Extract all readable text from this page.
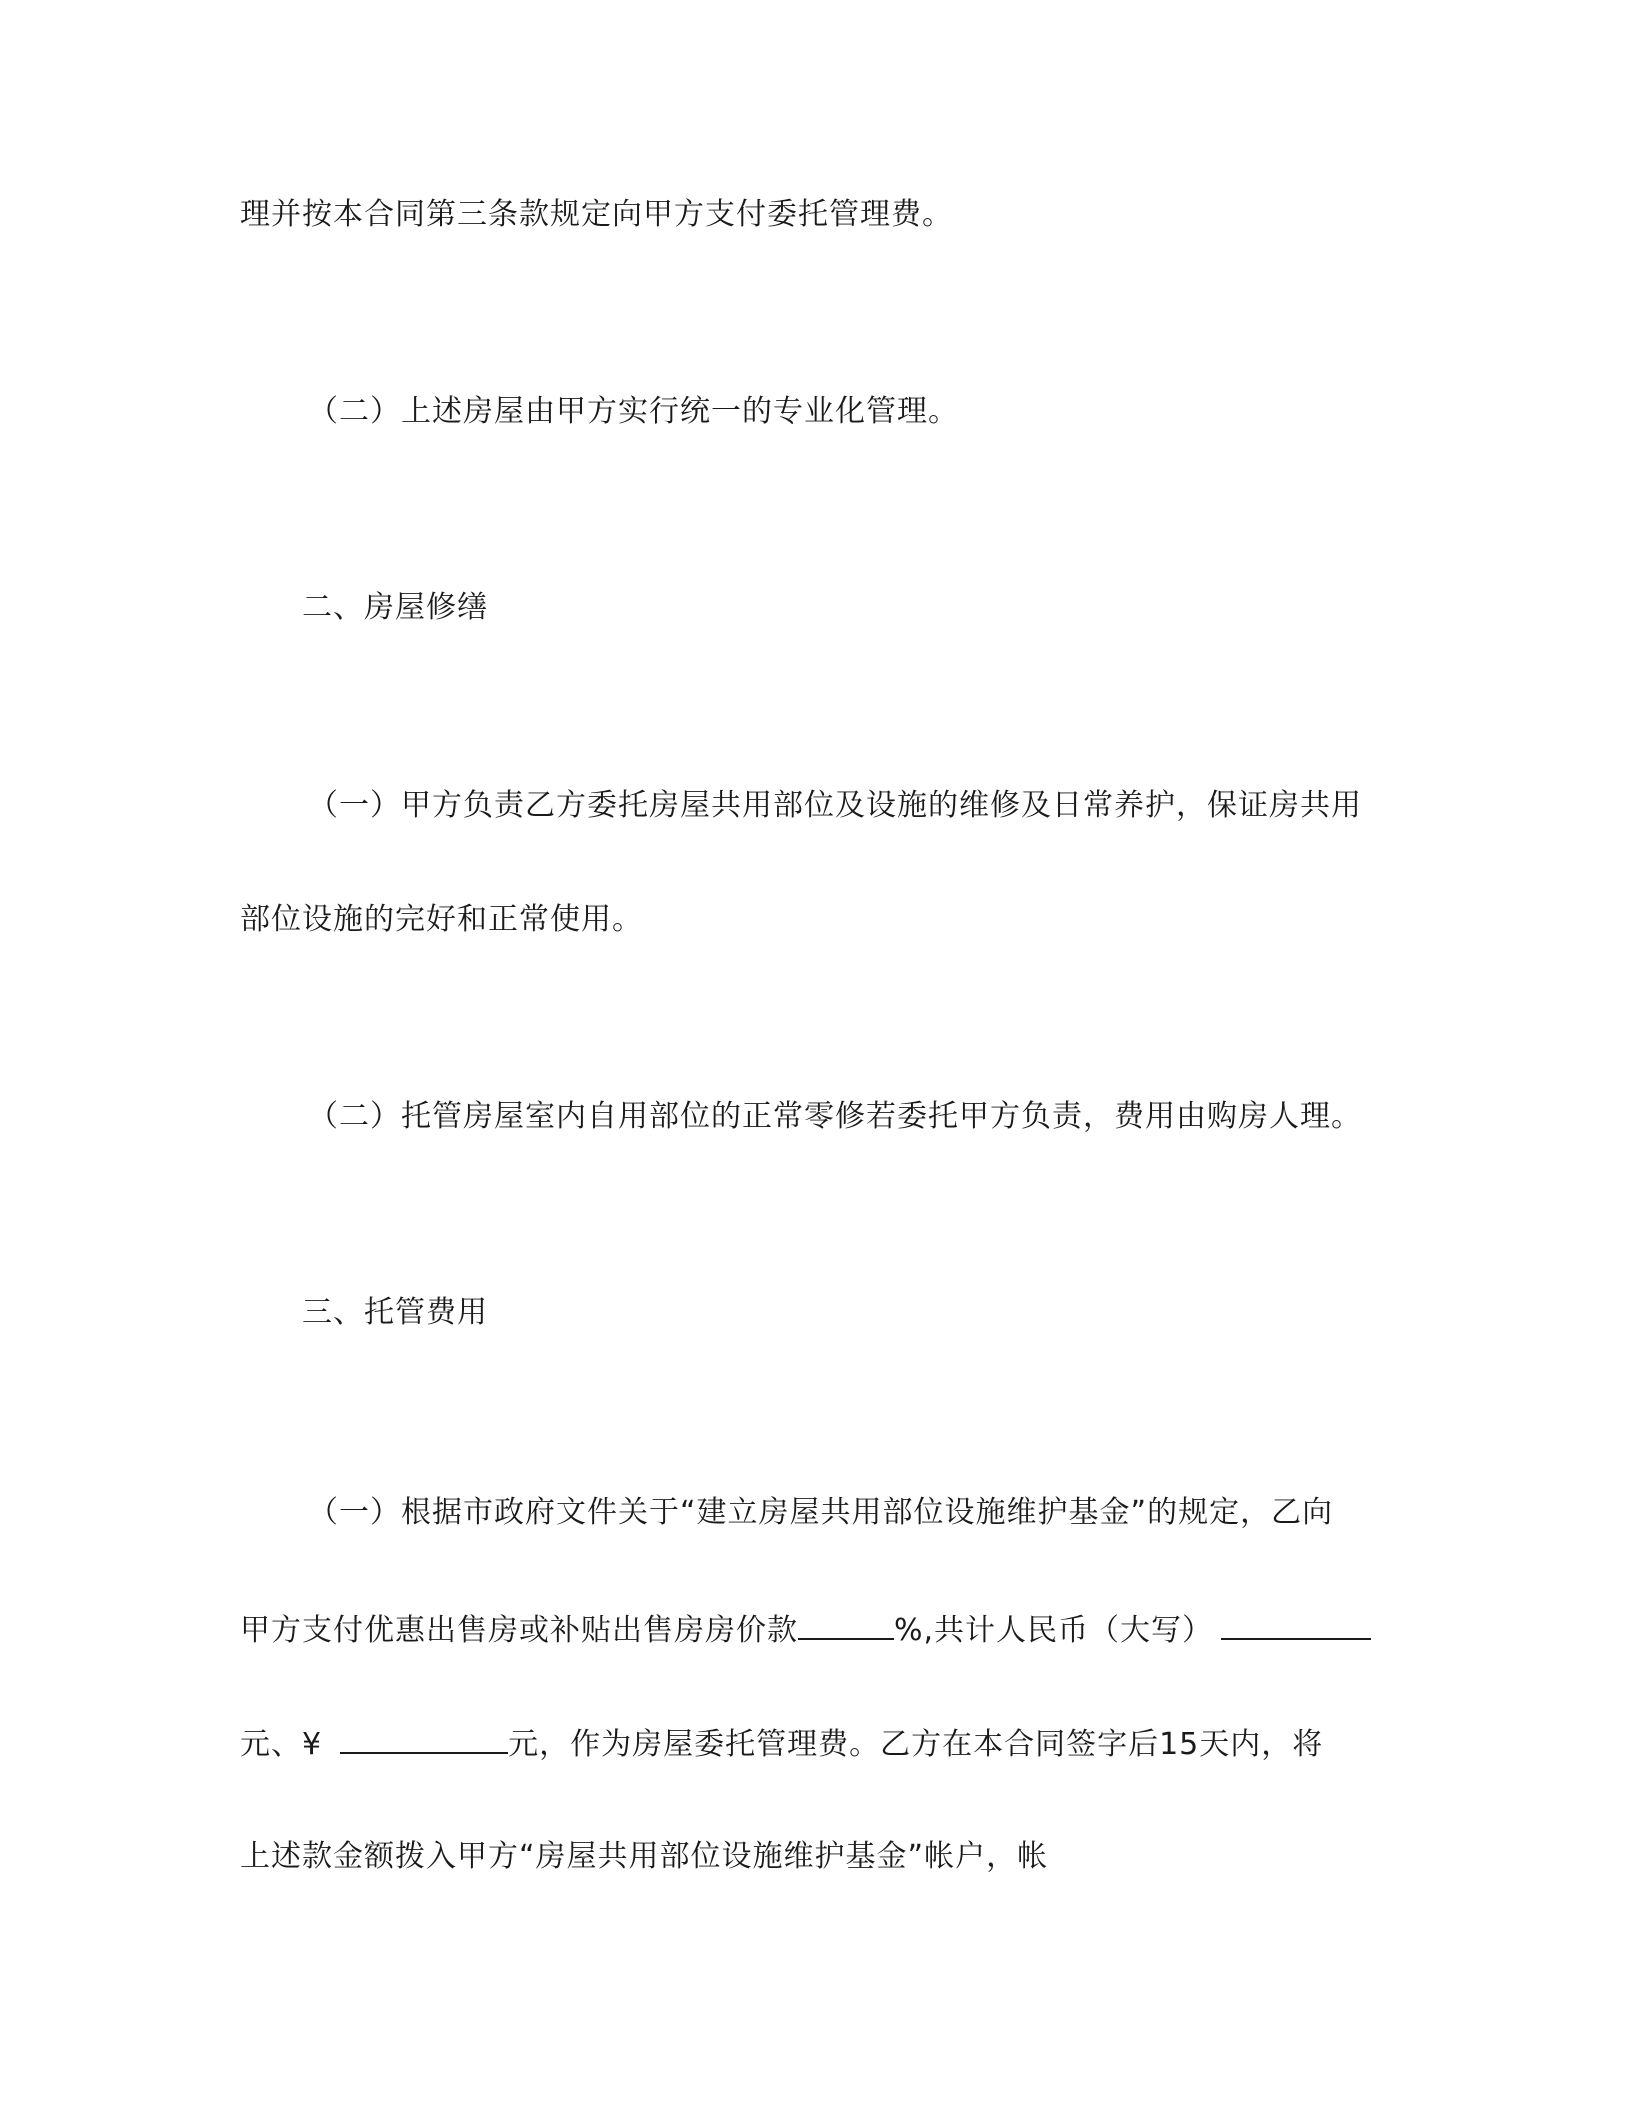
理并按本合同第三条款规定向甲方支付委托管理费。
（二）上述房屋由甲方实行统一的专业化管理。
二、房屋修缮
（一）甲方负责乙方委托房屋共用部位及设施的维修及日常养护，保证房共用
部位设施的完好和正常使用。
（二）托管房屋室内自用部位的正常零修若委托甲方负责，费用由购房人理。
三、托管费用
（一）根据市政府文件关于“建立房屋共用部位设施维护基金”的规定，乙向
甲方支付优惠出售房或补贴出售房房价款	%,共计人民币（大写）
元、¥	元，作为房屋委托管理费。乙方在本合同签字后15天内，将
上述款金额拨入甲方“房屋共用部位设施维护基金”帐户，帐
